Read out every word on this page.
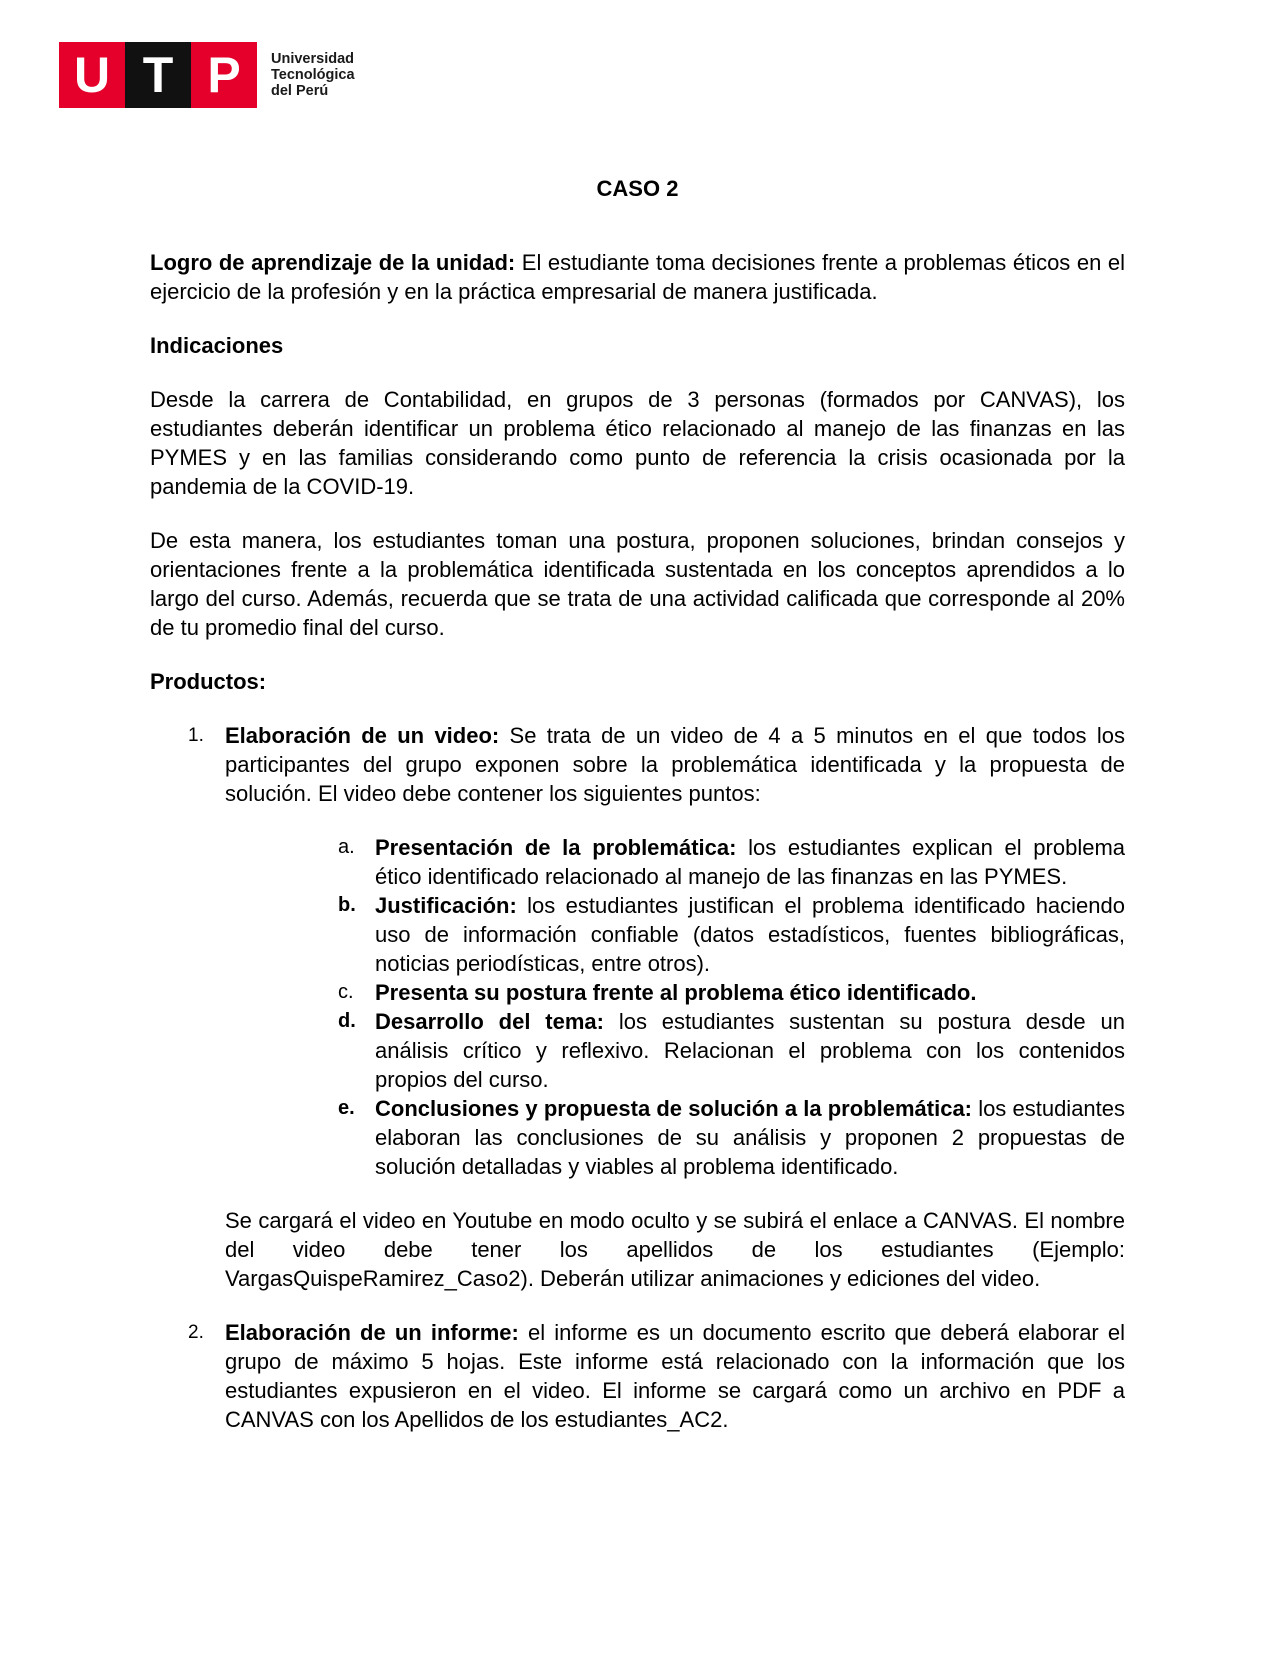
U T P	Universidad
Tecnológica
del Perú
CASO 2

Logro de aprendizaje de la unidad: El estudiante toma decisiones frente a problemas éticos en el ejercicio de la profesión y en la práctica empresarial de manera justificada.

Indicaciones

Desde la carrera de Contabilidad, en grupos de 3 personas (formados por CANVAS), los estudiantes deberán identificar un problema ético relacionado al manejo de las finanzas en las PYMES y en las familias considerando como punto de referencia la crisis ocasionada por la pandemia de la COVID-19.

De esta manera, los estudiantes toman una postura, proponen soluciones, brindan consejos y orientaciones frente a la problemática identificada sustentada en los conceptos aprendidos a lo largo del curso. Además, recuerda que se trata de una actividad calificada que corresponde al 20% de tu promedio final del curso.

Productos:

1. Elaboración de un video: Se trata de un video de 4 a 5 minutos en el que todos los participantes del grupo exponen sobre la problemática identificada y la propuesta de solución. El video debe contener los siguientes puntos:

a. Presentación de la problemática: los estudiantes explican el problema ético identificado relacionado al manejo de las finanzas en las PYMES.

b. Justificación: los estudiantes justifican el problema identificado haciendo uso de información confiable (datos estadísticos, fuentes bibliográficas, noticias periodísticas, entre otros).

c. Presenta su postura frente al problema ético identificado.

d. Desarrollo del tema: los estudiantes sustentan su postura desde un análisis crítico y reflexivo. Relacionan el problema con los contenidos propios del curso.

e. Conclusiones y propuesta de solución a la problemática: los estudiantes elaboran las conclusiones de su análisis y proponen 2 propuestas de solución detalladas y viables al problema identificado.

Se cargará el video en Youtube en modo oculto y se subirá el enlace a CANVAS. El nombre del video debe tener los apellidos de los estudiantes (Ejemplo: VargasQuispeRamirez_Caso2). Deberán utilizar animaciones y ediciones del video.

2. Elaboración de un informe: el informe es un documento escrito que deberá elaborar el grupo de máximo 5 hojas. Este informe está relacionado con la información que los estudiantes expusieron en el video. El informe se cargará como un archivo en PDF a CANVAS con los Apellidos de los estudiantes_AC2.
